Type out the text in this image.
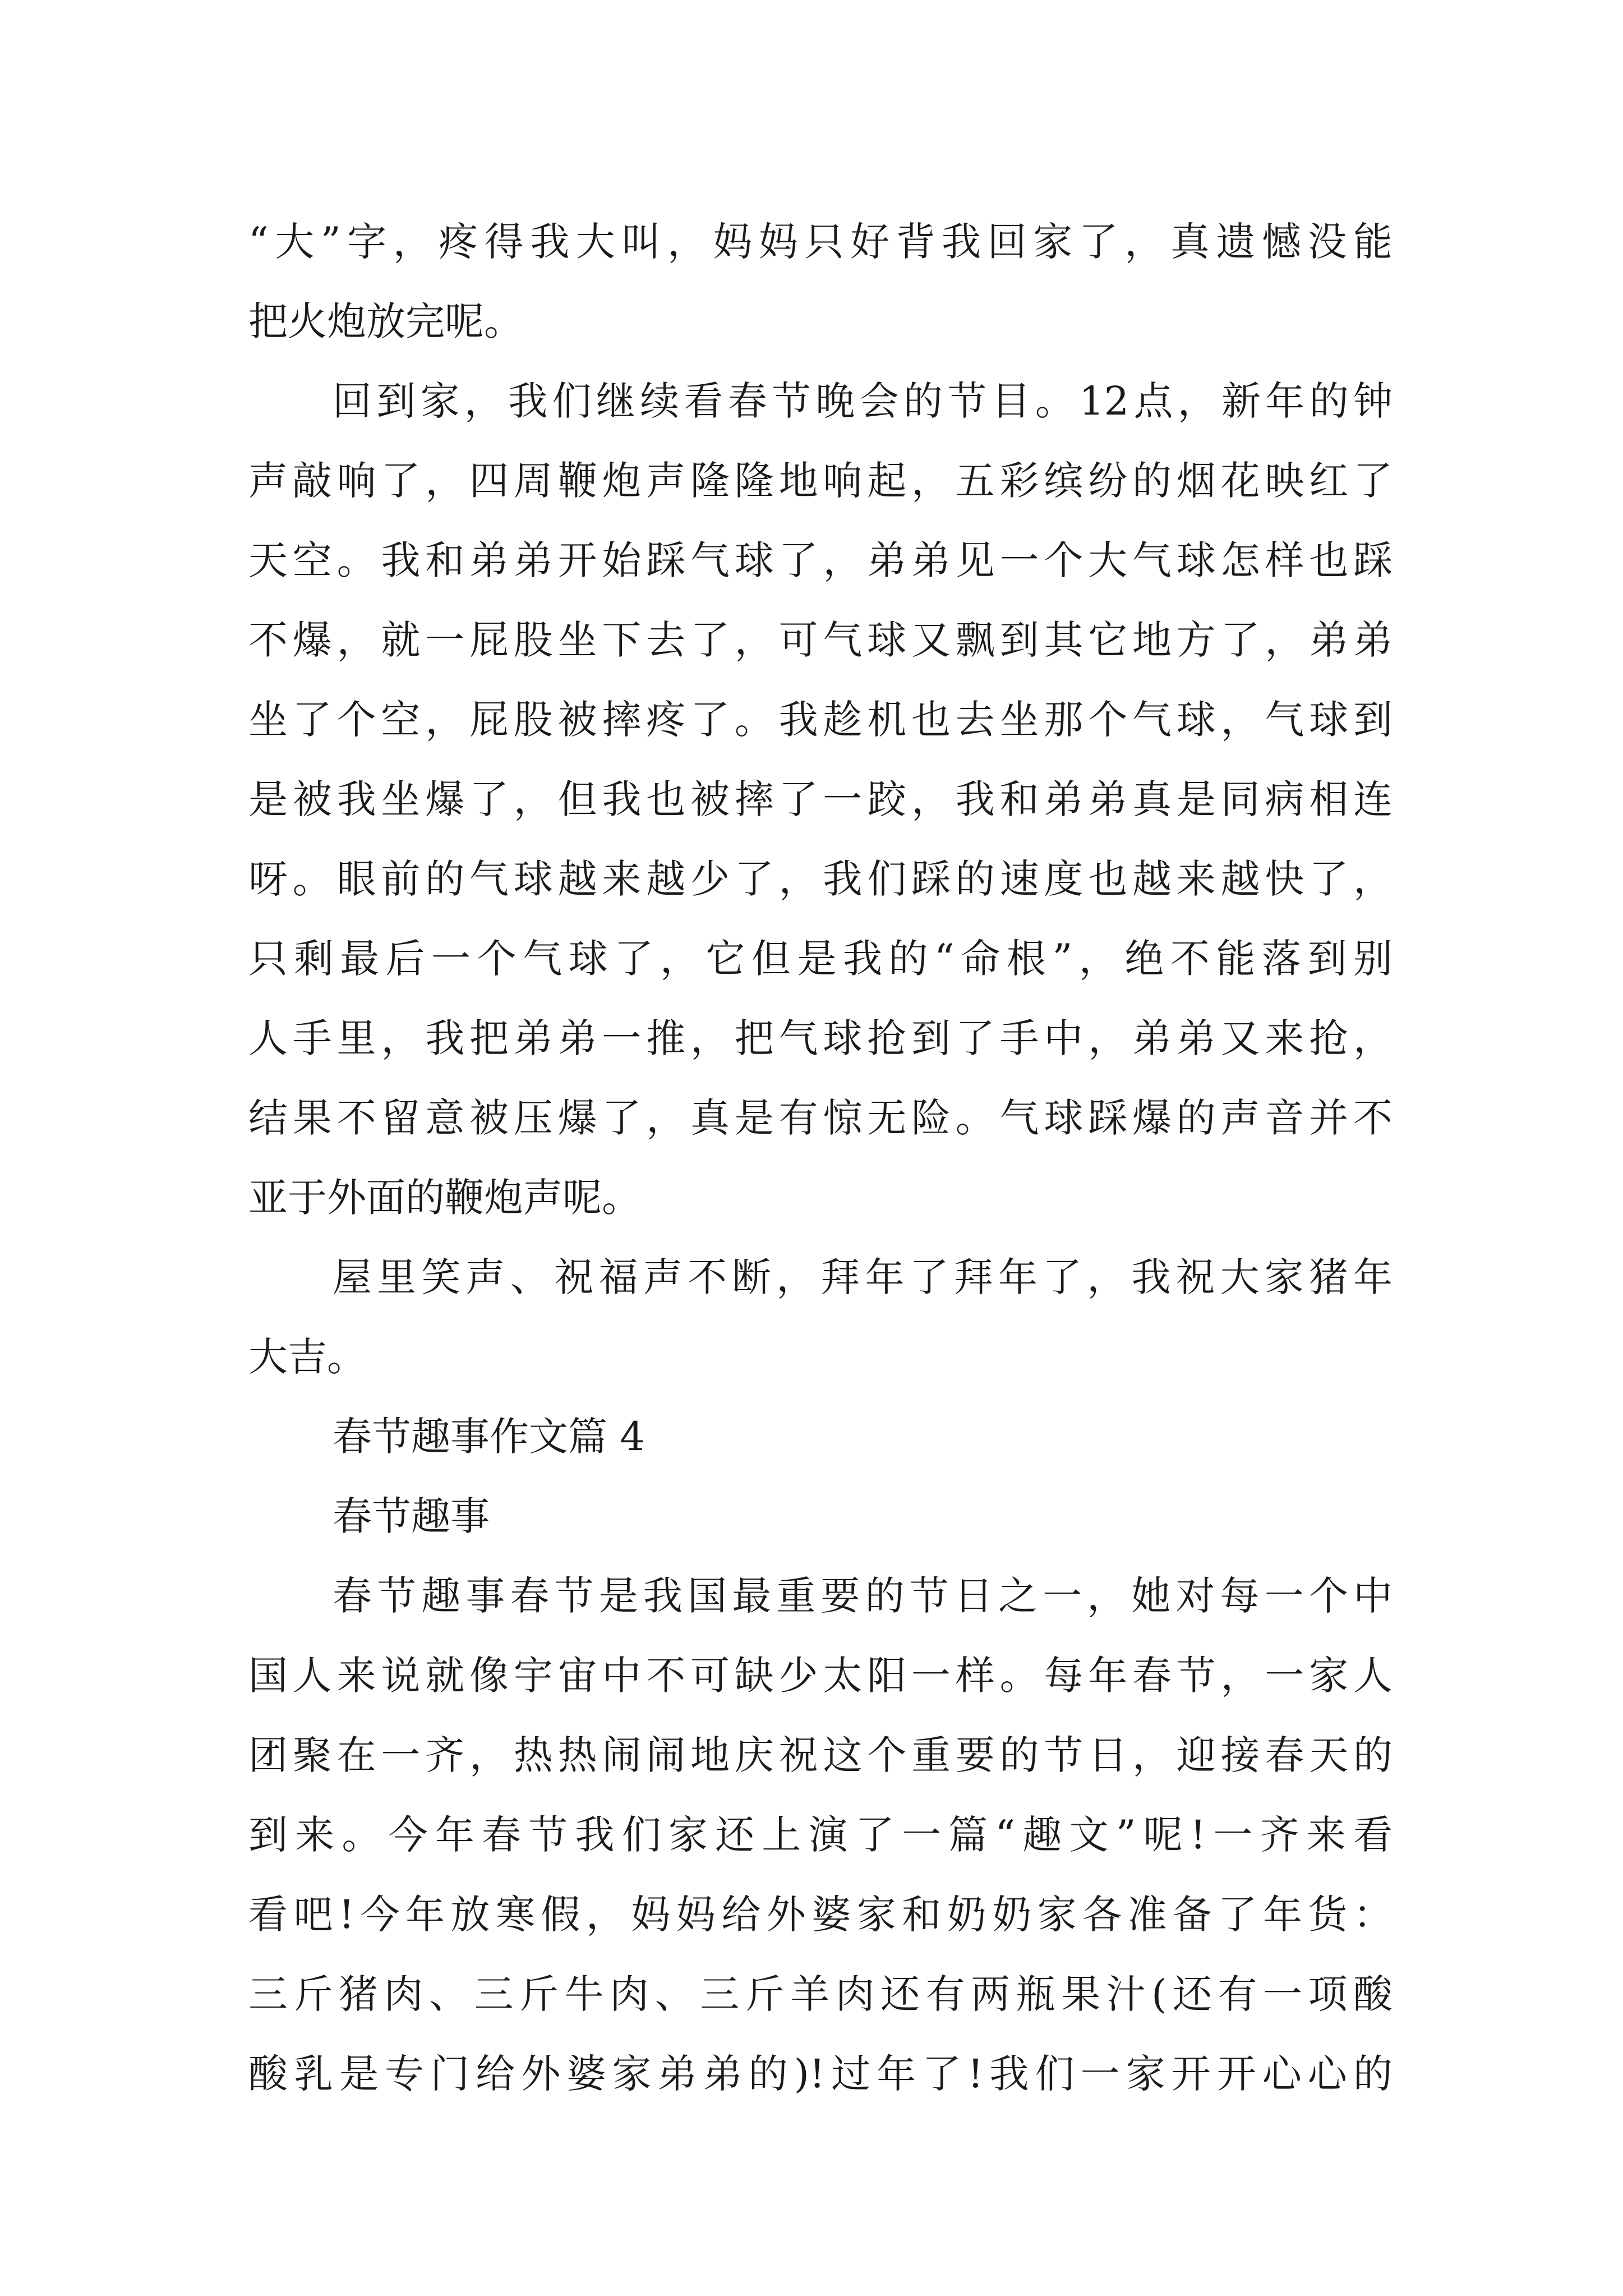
“大”字，疼得我大叫，妈妈只好背我回家了，真遗憾没能
把火炮放完呢。
回到家，我们继续看春节晚会的节目。12点，新年的钟
声敲响了，四周鞭炮声隆隆地响起，五彩缤纷的烟花映红了
天空。我和弟弟开始踩气球了，弟弟见一个大气球怎样也踩
不爆，就一屁股坐下去了，可气球又飘到其它地方了，弟弟
坐了个空，屁股被摔疼了。我趁机也去坐那个气球，气球到
是被我坐爆了，但我也被摔了一跤，我和弟弟真是同病相连
呀。眼前的气球越来越少了，我们踩的速度也越来越快了，
只剩最后一个气球了，它但是我的“命根”，绝不能落到别
人手里，我把弟弟一推，把气球抢到了手中，弟弟又来抢，
结果不留意被压爆了，真是有惊无险。气球踩爆的声音并不
亚于外面的鞭炮声呢。
屋里笑声、祝福声不断，拜年了拜年了，我祝大家猪年
大吉。
春节趣事作文篇 4
春节趣事
春节趣事春节是我国最重要的节日之一，她对每一个中
国人来说就像宇宙中不可缺少太阳一样。每年春节，一家人
团聚在一齐，热热闹闹地庆祝这个重要的节日，迎接春天的
到来。今年春节我们家还上演了一篇“趣文”呢!一齐来看
看吧!今年放寒假，妈妈给外婆家和奶奶家各准备了年货：
三斤猪肉、三斤牛肉、三斤羊肉还有两瓶果汁(还有一项酸
酸乳是专门给外婆家弟弟的)!过年了!我们一家开开心心的
